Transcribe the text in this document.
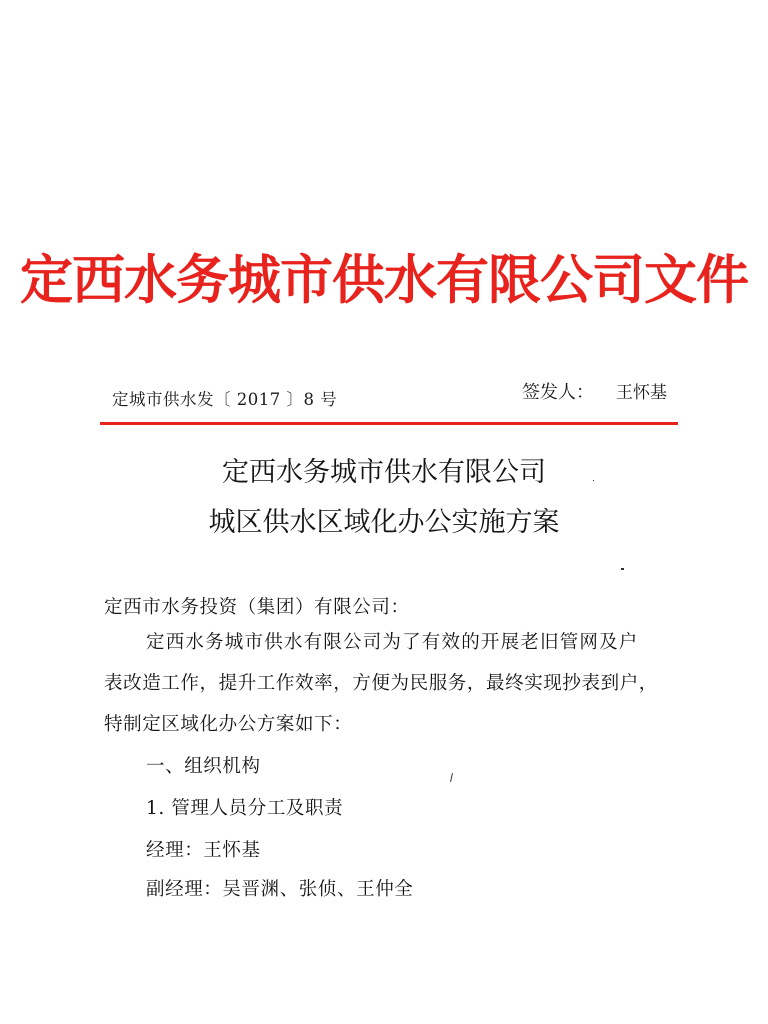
定西水务城市供水有限公司文件
定城市供水发〔 2017 〕8 号	签发人： 王怀基
定西水务城市供水有限公司
城区供水区域化办公实施方案
定西市水务投资（集团）有限公司：
定西水务城市供水有限公司为了有效的开展老旧管网及户
表改造工作，提升工作效率，方便为民服务，最终实现抄表到户，
特制定区域化办公方案如下：
一、组织机构
1. 管理人员分工及职责
经理：王怀基
副经理：吴晋渊、张侦、王仲全
